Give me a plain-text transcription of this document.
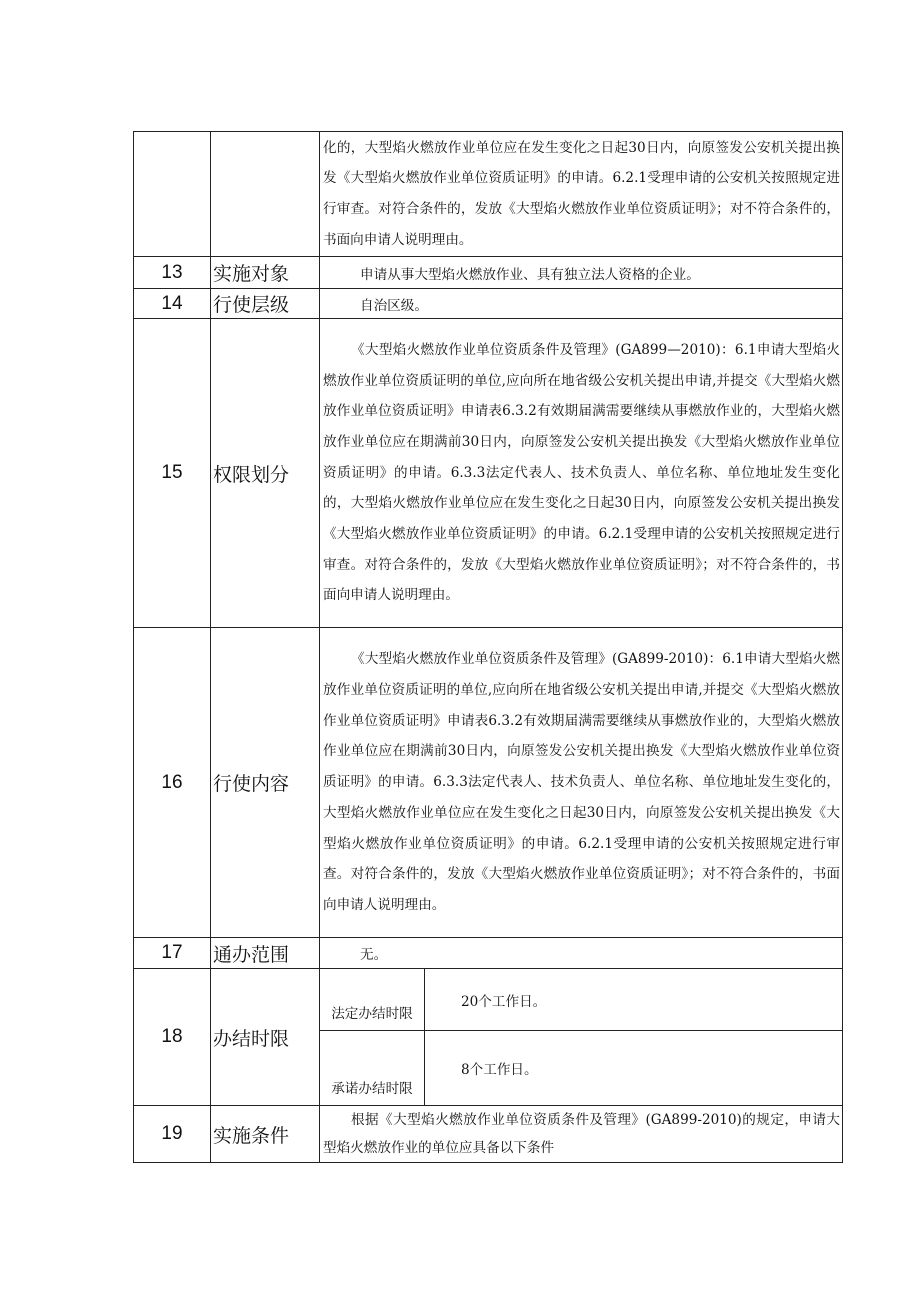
		化的，大型焰火燃放作业单位应在发生变化之日起30日内，向原签发公安机关提出换发《大型焰火燃放作业单位资质证明》的申请。6.2.1受理申请的公安机关按照规定进行审查。对符合条件的，发放《大型焰火燃放作业单位资质证明》；对不符合条件的，书面向申请人说明理由。	
13	实施对象	申请从事大型焰火燃放作业、具有独立法人资格的企业。	
14	行使层级	自治区级。	
15	权限划分	《大型焰火燃放作业单位资质条件及管理》(GA899—2010)：6.1申请大型焰火燃放作业单位资质证明的单位,应向所在地省级公安机关提出申请,并提交《大型焰火燃放作业单位资质证明》申请表6.3.2有效期届满需要继续从事燃放作业的，大型焰火燃放作业单位应在期满前30日内，向原签发公安机关提出换发《大型焰火燃放作业单位资质证明》的申请。6.3.3法定代表人、技术负责人、单位名称、单位地址发生变化的，大型焰火燃放作业单位应在发生变化之日起30日内，向原签发公安机关提出换发《大型焰火燃放作业单位资质证明》的申请。6.2.1受理申请的公安机关按照规定进行审查。对符合条件的，发放《大型焰火燃放作业单位资质证明》；对不符合条件的，书面向申请人说明理由。	
16	行使内容	《大型焰火燃放作业单位资质条件及管理》(GA899-2010)：6.1申请大型焰火燃放作业单位资质证明的单位,应向所在地省级公安机关提出申请,并提交《大型焰火燃放作业单位资质证明》申请表6.3.2有效期届满需要继续从事燃放作业的，大型焰火燃放作业单位应在期满前30日内，向原签发公安机关提出换发《大型焰火燃放作业单位资质证明》的申请。6.3.3法定代表人、技术负责人、单位名称、单位地址发生变化的，大型焰火燃放作业单位应在发生变化之日起30日内，向原签发公安机关提出换发《大型焰火燃放作业单位资质证明》的申请。6.2.1受理申请的公安机关按照规定进行审查。对符合条件的，发放《大型焰火燃放作业单位资质证明》；对不符合条件的，书面向申请人说明理由。	
17	通办范围	无。	
18	办结时限	法定办结时限	20个工作日。
		承诺办结时限	8个工作日。
19	实施条件	根据《大型焰火燃放作业单位资质条件及管理》(GA899-2010)的规定，申请大型焰火燃放作业的单位应具备以下条件	
